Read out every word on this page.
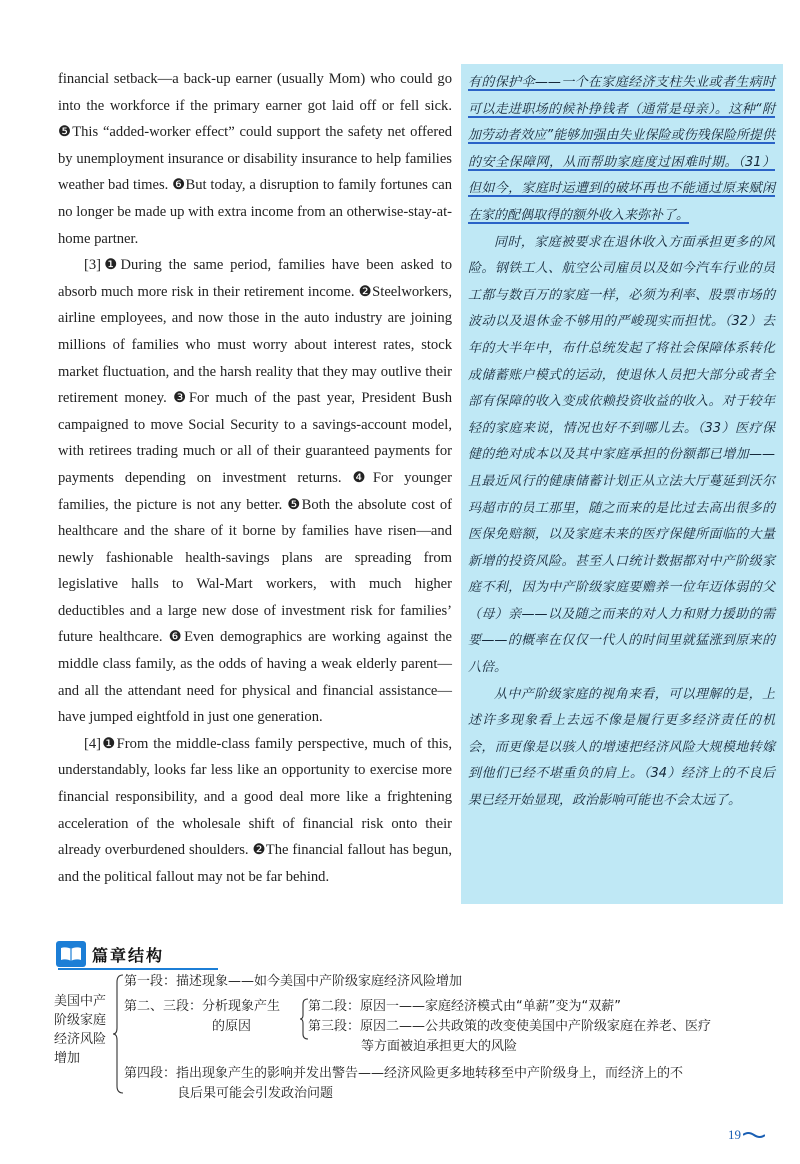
financial setback—a back-up earner (usually Mom) who could go into the workforce if the primary earner got laid off or fell sick. ❺This “added-worker effect” could support the safety net offered by unemployment insurance or disability insurance to help families weather bad times. ❻But today, a disruption to family fortunes can no longer be made up with extra income from an otherwise-stay-at-home partner.

[3]❶During the same period, families have been asked to absorb much more risk in their retirement income. ❷Steelworkers, airline employees, and now those in the auto industry are joining millions of families who must worry about interest rates, stock market fluctuation, and the harsh reality that they may outlive their retirement money. ❸For much of the past year, President Bush campaigned to move Social Security to a savings-account model, with retirees trading much or all of their guaranteed payments for payments depending on investment returns. ❹For younger families, the picture is not any better. ❺Both the absolute cost of healthcare and the share of it borne by families have risen—and newly fashionable health-savings plans are spreading from legislative halls to Wal-Mart workers, with much higher deductibles and a large new dose of investment risk for families’ future healthcare. ❻Even demographics are working against the middle class family, as the odds of having a weak elderly parent—and all the attendant need for physical and financial assistance—have jumped eightfold in just one generation.

[4]❶From the middle-class family perspective, much of this, understandably, looks far less like an opportunity to exercise more financial responsibility, and a good deal more like a frightening acceleration of the wholesale shift of financial risk onto their already overburdened shoulders. ❷The financial fallout has begun, and the political fallout may not be far behind.

有的保护伞——一个在家庭经济支柱失业或者生病时可以走进职场的候补挣钱者（通常是母亲）。这种“附加劳动者效应”能够加强由失业保险或伤残保险所提供的安全保障网，从而帮助家庭度过困难时期。（31）但如今，家庭时运遭到的破坏再也不能通过原来赋闲在家的配偶取得的额外收入来弥补了。

同时，家庭被要求在退休收入方面承担更多的风险。钢铁工人、航空公司雇员以及如今汽车行业的员工都与数百万的家庭一样，必须为利率、股票市场的波动以及退休金不够用的严峻现实而担忧。（32）去年的大半年中，布什总统发起了将社会保障体系转化成储蓄账户模式的运动，使退休人员把大部分或者全部有保障的收入变成依赖投资收益的收入。对于较年轻的家庭来说，情况也好不到哪儿去。（33）医疗保健的绝对成本以及其中家庭承担的份额都已增加——且最近风行的健康储蓄计划正从立法大厅蔓延到沃尔玛超市的员工那里，随之而来的是比过去高出很多的医保免赔额，以及家庭未来的医疗保健所面临的大量新增的投资风险。甚至人口统计数据都对中产阶级家庭不利，因为中产阶级家庭要赡养一位年迈体弱的父（母）亲——以及随之而来的对人力和财力援助的需要——的概率在仅仅一代人的时间里就猛涨到原来的八倍。

从中产阶级家庭的视角来看，可以理解的是，上述许多现象看上去远不像是履行更多经济责任的机会，而更像是以骇人的增速把经济风险大规模地转嫁到他们已经不堪重负的肩上。（34）经济上的不良后果已经开始显现，政治影响可能也不会太远了。

篇章结构
美国中产阶级家庭经济风险增加
第一段：描述现象——如今美国中产阶级家庭经济风险增加
第二、三段：分析现象产生
的原因
第二段：原因一——家庭经济模式由“单薪”变为“双薪”
第三段：原因二——公共政策的改变使美国中产阶级家庭在养老、医疗
等方面被迫承担更大的风险
第四段：指出现象产生的影响并发出警告——经济风险更多地转移至中产阶级身上，而经济上的不
良后果可能会引发政治问题
19
